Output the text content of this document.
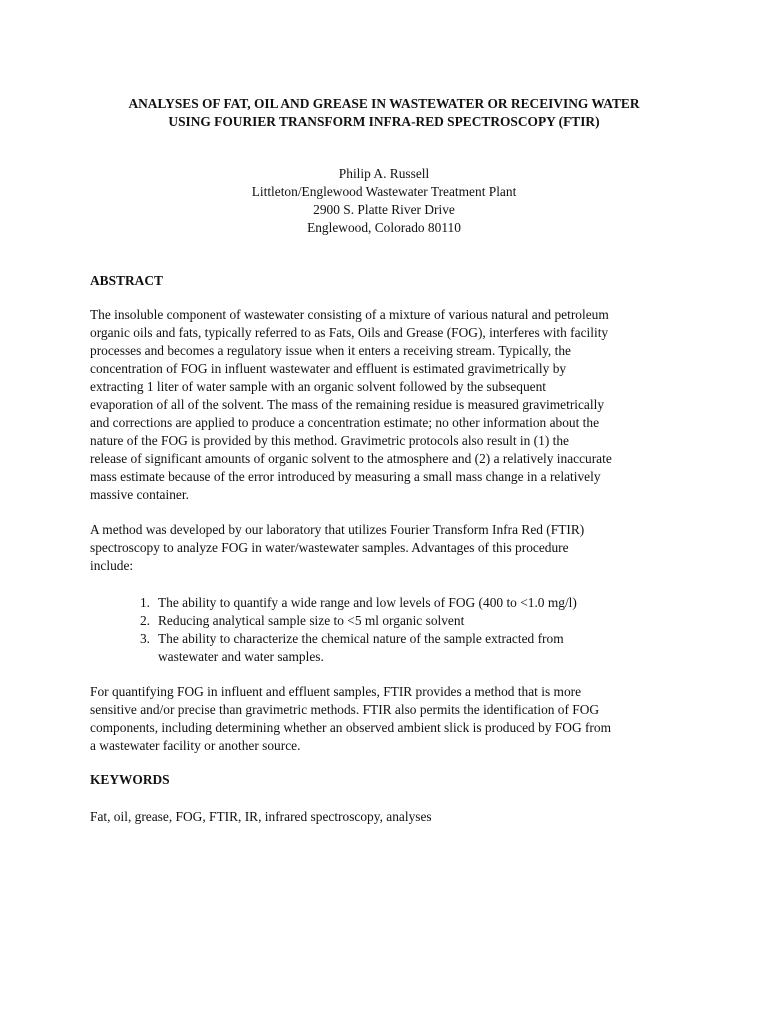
ANALYSES OF FAT, OIL AND GREASE IN WASTEWATER OR RECEIVING WATER
USING FOURIER TRANSFORM INFRA-RED SPECTROSCOPY (FTIR)
Philip A. Russell
Littleton/Englewood Wastewater Treatment Plant
2900 S. Platte River Drive
Englewood, Colorado 80110
ABSTRACT
The insoluble component of wastewater consisting of a mixture of various natural and petroleum
organic oils and fats, typically referred to as Fats, Oils and Grease (FOG), interferes with facility
processes and becomes a regulatory issue when it enters a receiving stream. Typically, the
concentration of FOG in influent wastewater and effluent is estimated gravimetrically by
extracting 1 liter of water sample with an organic solvent followed by the subsequent
evaporation of all of the solvent. The mass of the remaining residue is measured gravimetrically
and corrections are applied to produce a concentration estimate; no other information about the
nature of the FOG is provided by this method. Gravimetric protocols also result in (1) the
release of significant amounts of organic solvent to the atmosphere and (2) a relatively inaccurate
mass estimate because of the error introduced by measuring a small mass change in a relatively
massive container.
A method was developed by our laboratory that utilizes Fourier Transform Infra Red (FTIR)
spectroscopy to analyze FOG in water/wastewater samples. Advantages of this procedure
include:
1. The ability to quantify a wide range and low levels of FOG (400 to <1.0 mg/l)
2. Reducing analytical sample size to <5 ml organic solvent
3. The ability to characterize the chemical nature of the sample extracted from
wastewater and water samples.
For quantifying FOG in influent and effluent samples, FTIR provides a method that is more
sensitive and/or precise than gravimetric methods. FTIR also permits the identification of FOG
components, including determining whether an observed ambient slick is produced by FOG from
a wastewater facility or another source.
KEYWORDS
Fat, oil, grease, FOG, FTIR, IR, infrared spectroscopy, analyses
